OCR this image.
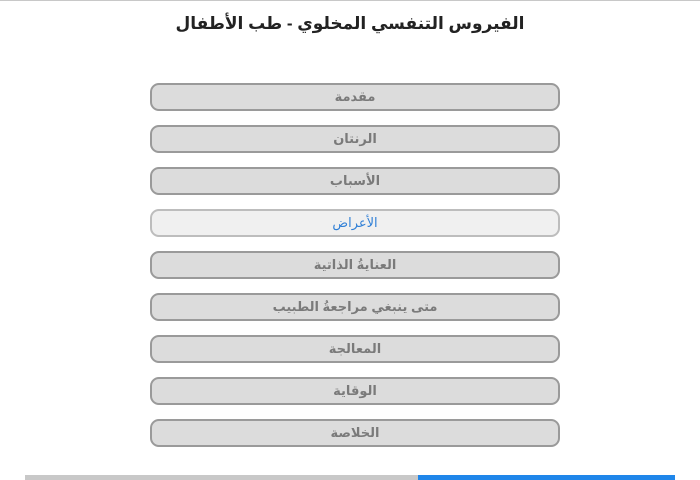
الفيروس التنفسي المخلوي - طب الأطفال
مقدمة
الرنتان
الأسباب
الأعراض
العنايةُ الذاتية
متى ينبغي مراجعةُ الطبيب
المعالجة
الوقاية
الخلاصة
